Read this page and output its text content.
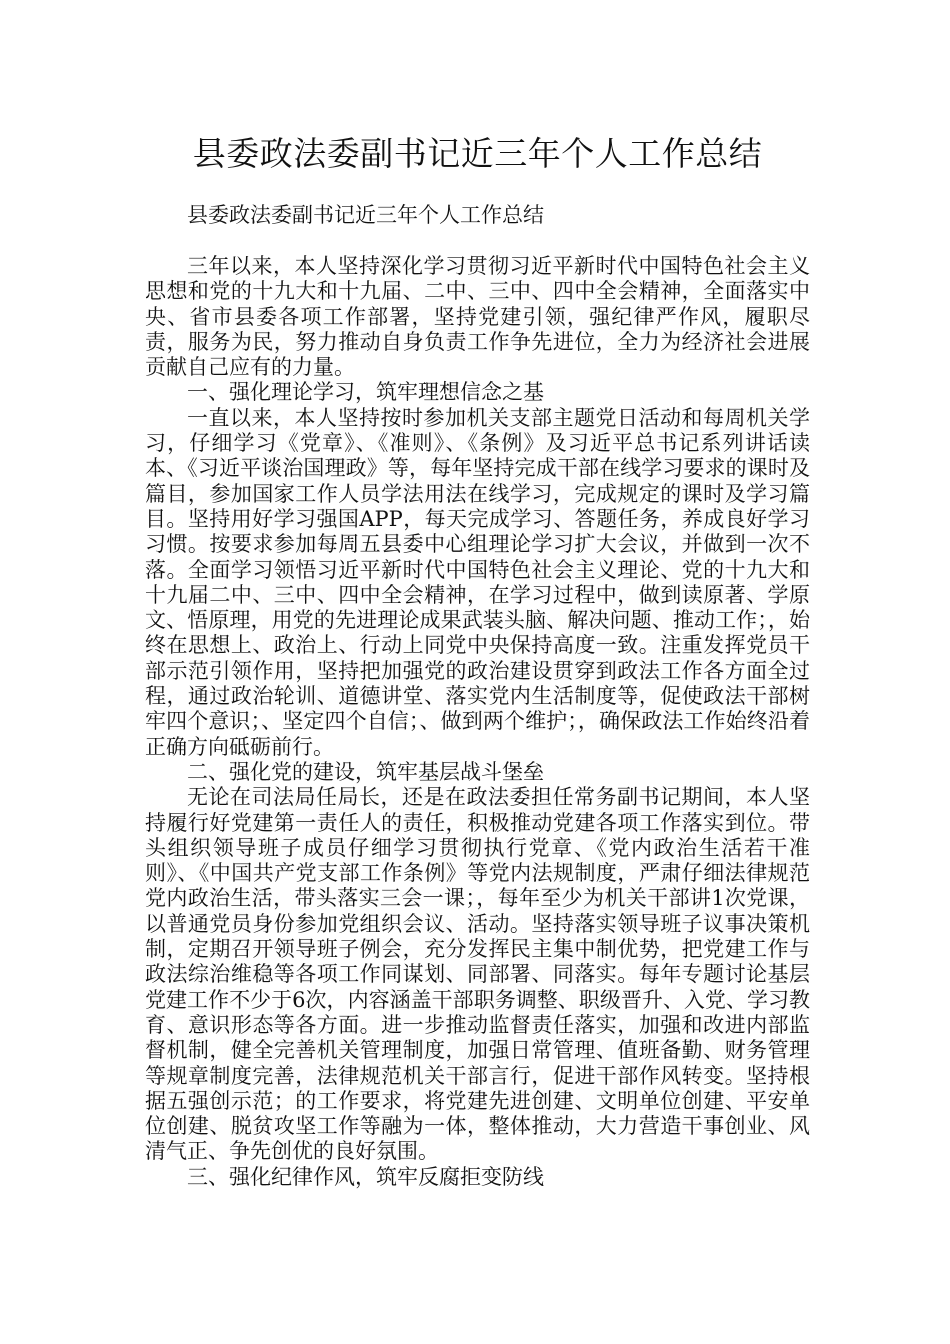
县委政法委副书记近三年个人工作总结

县委政法委副书记近三年个人工作总结

三年以来，本人坚持深化学习贯彻习近平新时代中国特色社会主义思想和党的十九大和十九届、二中、三中、四中全会精神，全面落实中央、省市县委各项工作部署，坚持党建引领，强纪律严作风，履职尽责，服务为民，努力推动自身负责工作争先进位，全力为经济社会进展贡献自己应有的力量。

一、强化理论学习，筑牢理想信念之基

一直以来，本人坚持按时参加机关支部主题党日活动和每周机关学习，仔细学习《党章》、《准则》、《条例》及习近平总书记系列讲话读本、《习近平谈治国理政》等，每年坚持完成干部在线学习要求的课时及篇目，参加国家工作人员学法用法在线学习，完成规定的课时及学习篇目。坚持用好学习强国APP，每天完成学习、答题任务，养成良好学习习惯。按要求参加每周五县委中心组理论学习扩大会议，并做到一次不落。全面学习领悟习近平新时代中国特色社会主义理论、党的十九大和十九届二中、三中、四中全会精神，在学习过程中，做到读原著、学原文、悟原理，用党的先进理论成果武装头脑、解决问题、推动工作；，始终在思想上、政治上、行动上同党中央保持高度一致。注重发挥党员干部示范引领作用，坚持把加强党的政治建设贯穿到政法工作各方面全过程，通过政治轮训、道德讲堂、落实党内生活制度等，促使政法干部树牢四个意识；、坚定四个自信；、做到两个维护；，确保政法工作始终沿着正确方向砥砺前行。

二、强化党的建设，筑牢基层战斗堡垒

无论在司法局任局长，还是在政法委担任常务副书记期间，本人坚持履行好党建第一责任人的责任，积极推动党建各项工作落实到位。带头组织领导班子成员仔细学习贯彻执行党章、《党内政治生活若干准则》、《中国共产党支部工作条例》等党内法规制度，严肃仔细法律规范党内政治生活，带头落实三会一课；，每年至少为机关干部讲1次党课，以普通党员身份参加党组织会议、活动。坚持落实领导班子议事决策机制，定期召开领导班子例会，充分发挥民主集中制优势，把党建工作与政法综治维稳等各项工作同谋划、同部署、同落实。每年专题讨论基层党建工作不少于6次，内容涵盖干部职务调整、职级晋升、入党、学习教育、意识形态等各方面。进一步推动监督责任落实，加强和改进内部监督机制，健全完善机关管理制度，加强日常管理、值班备勤、财务管理等规章制度完善，法律规范机关干部言行，促进干部作风转变。坚持根据五强创示范；的工作要求，将党建先进创建、文明单位创建、平安单位创建、脱贫攻坚工作等融为一体，整体推动，大力营造干事创业、风清气正、争先创优的良好氛围。

三、强化纪律作风，筑牢反腐拒变防线
